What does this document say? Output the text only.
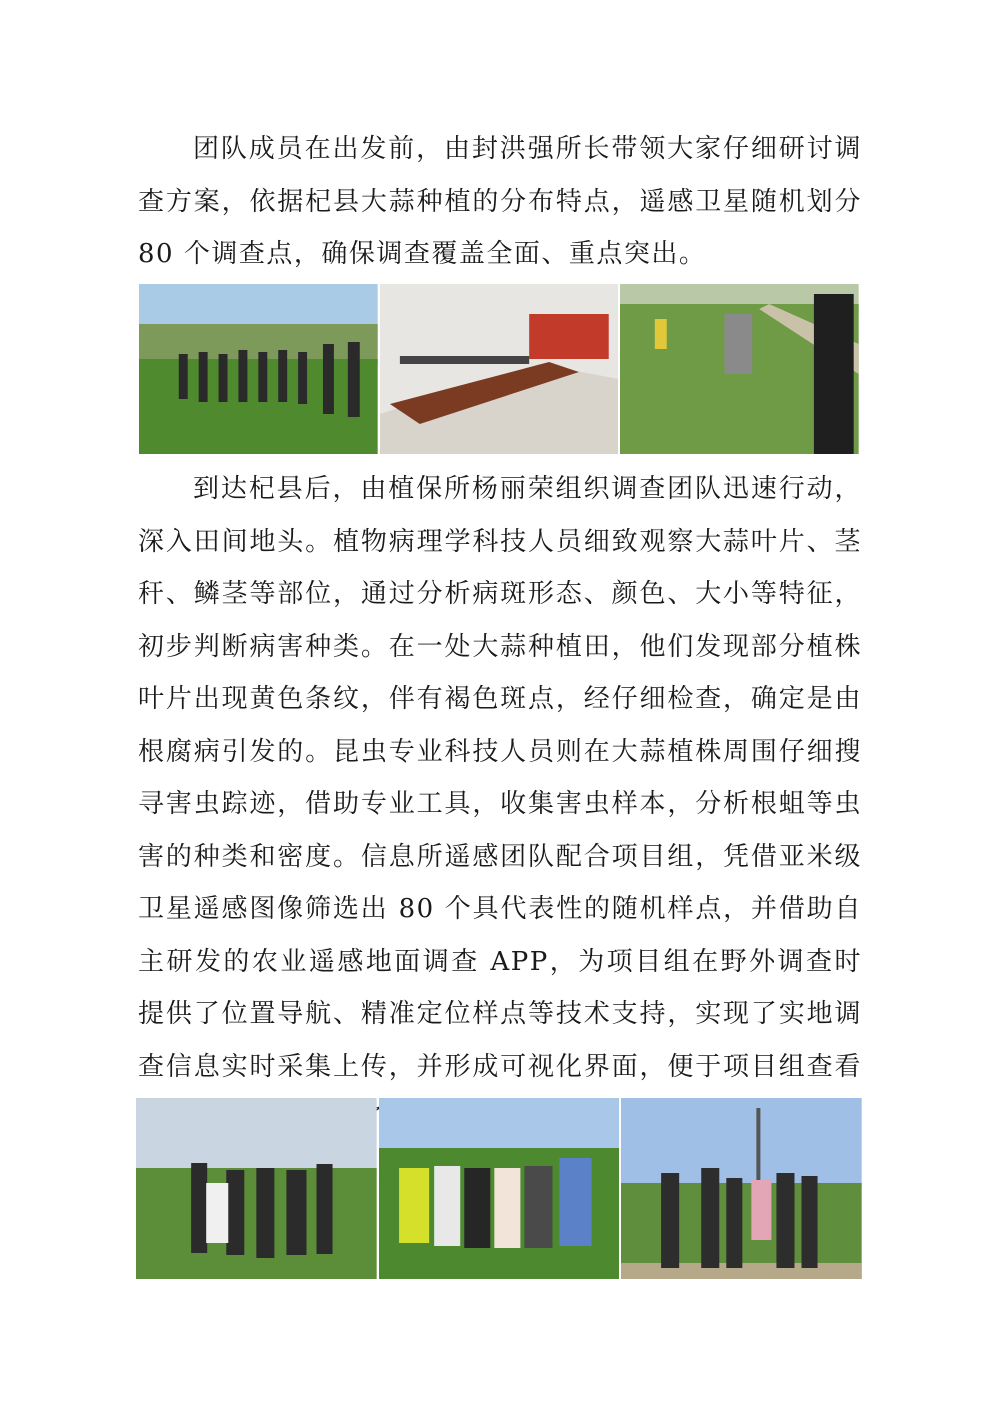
团队成员在出发前，由封洪强所长带领大家仔细研讨调查方案，依据杞县大蒜种植的分布特点，遥感卫星随机划分 80 个调查点，确保调查覆盖全面、重点突出。

到达杞县后，由植保所杨丽荣组织调查团队迅速行动，深入田间地头。植物病理学科技人员细致观察大蒜叶片、茎秆、鳞茎等部位，通过分析病斑形态、颜色、大小等特征，初步判断病害种类。在一处大蒜种植田，他们发现部分植株叶片出现黄色条纹，伴有褐色斑点，经仔细检查，确定是由根腐病引发的。昆虫专业科技人员则在大蒜植株周围仔细搜寻害虫踪迹，借助专业工具，收集害虫样本，分析根蛆等虫害的种类和密度。信息所遥感团队配合项目组，凭借亚米级卫星遥感图像筛选出 80 个具代表性的随机样点，并借助自主研发的农业遥感地面调查 APP，为项目组在野外调查时提供了位置导航、精准定位样点等技术支持，实现了实地调查信息实时采集上传，并形成可视化界面，便于项目组查看
